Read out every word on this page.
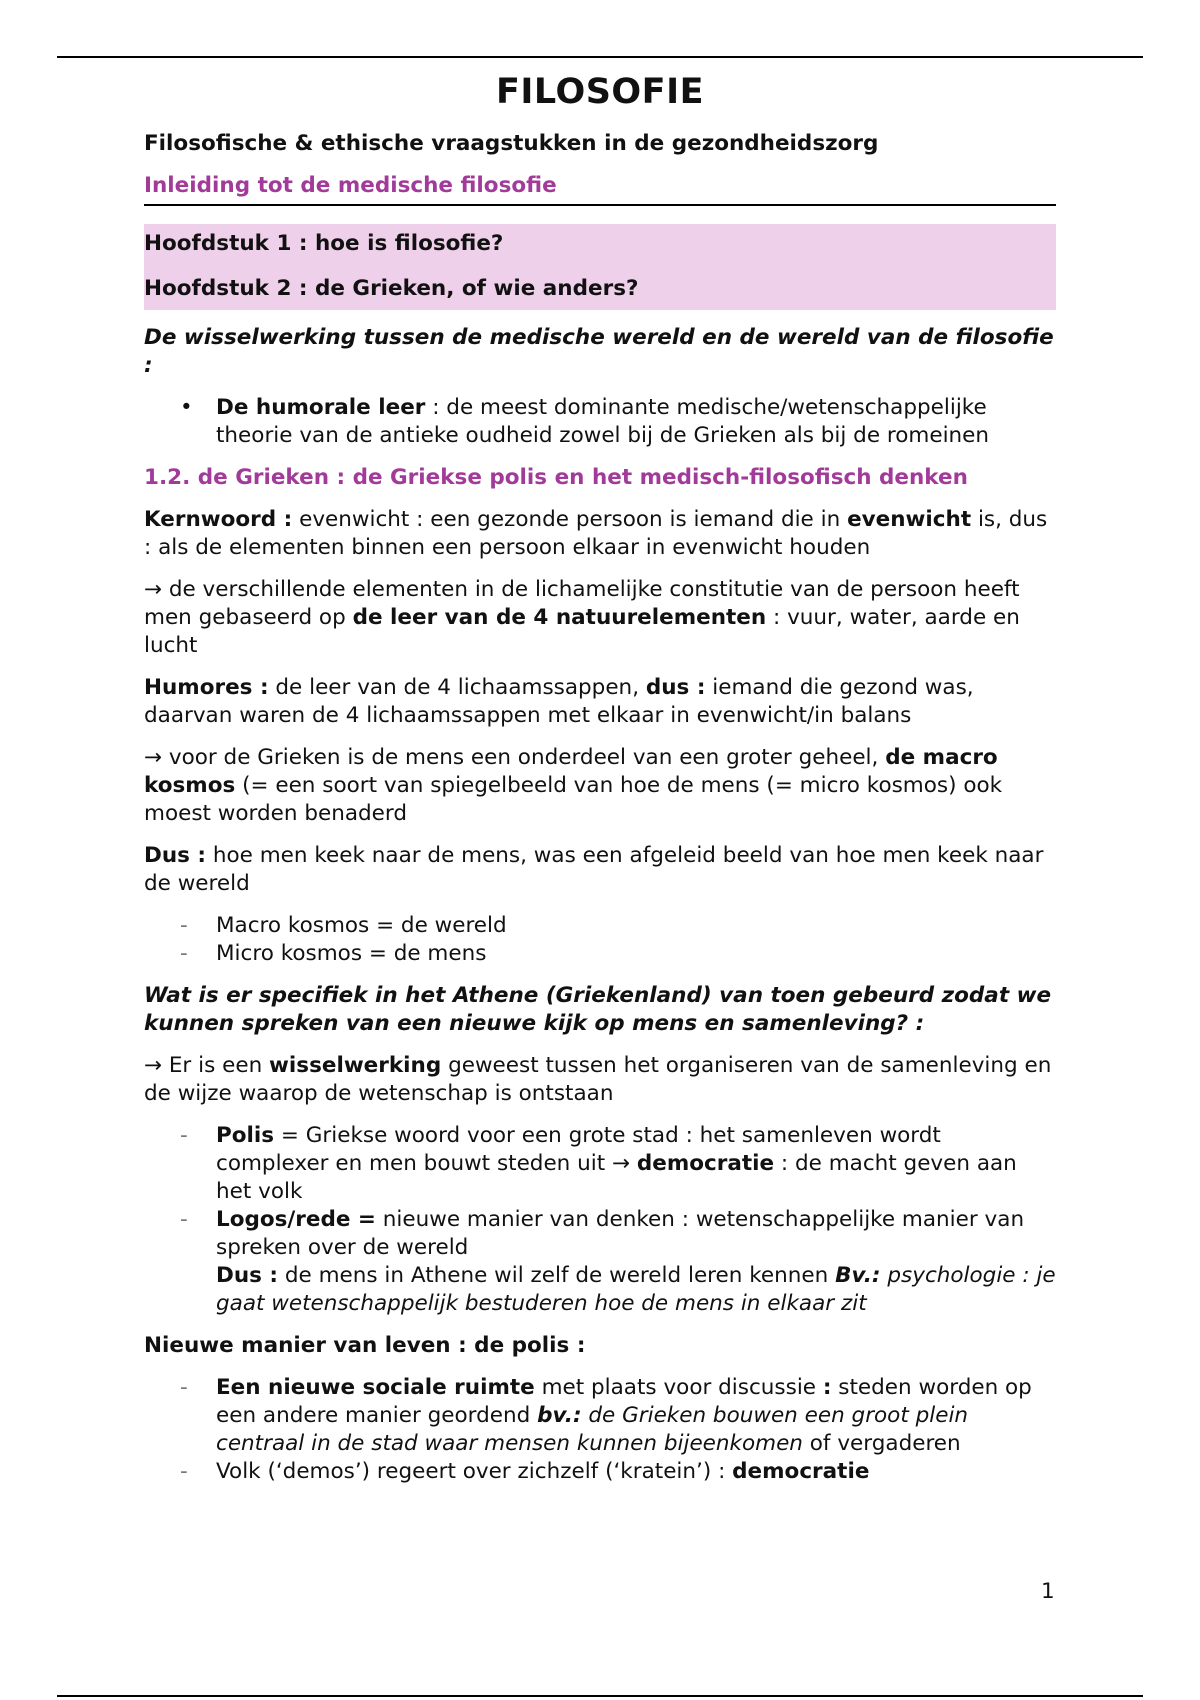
FILOSOFIE

Filosofische & ethische vraagstukken in de gezondheidszorg

Inleiding tot de medische filosofie

Hoofdstuk 1 : hoe is filosofie?

Hoofdstuk 2 : de Grieken, of wie anders?

De wisselwerking tussen de medische wereld en de wereld van de filosofie :

• De humorale leer : de meest dominante medische/wetenschappelijke theorie van de antieke oudheid zowel bij de Grieken als bij de romeinen

1.2. de Grieken : de Griekse polis en het medisch-filosofisch denken

Kernwoord : evenwicht : een gezonde persoon is iemand die in evenwicht is, dus : als de elementen binnen een persoon elkaar in evenwicht houden

→ de verschillende elementen in de lichamelijke constitutie van de persoon heeft men gebaseerd op de leer van de 4 natuurelementen : vuur, water, aarde en lucht

Humores : de leer van de 4 lichaamssappen, dus : iemand die gezond was, daarvan waren de 4 lichaamssappen met elkaar in evenwicht/in balans

→ voor de Grieken is de mens een onderdeel van een groter geheel, de macro kosmos (= een soort van spiegelbeeld van hoe de mens (= micro kosmos) ook moest worden benaderd

Dus : hoe men keek naar de mens, was een afgeleid beeld van hoe men keek naar de wereld

- Macro kosmos = de wereld
- Micro kosmos = de mens

Wat is er specifiek in het Athene (Griekenland) van toen gebeurd zodat we kunnen spreken van een nieuwe kijk op mens en samenleving? :

→ Er is een wisselwerking geweest tussen het organiseren van de samenleving en de wijze waarop de wetenschap is ontstaan

- Polis = Griekse woord voor een grote stad : het samenleven wordt complexer en men bouwt steden uit → democratie : de macht geven aan het volk
- Logos/rede = nieuwe manier van denken : wetenschappelijke manier van spreken over de wereld
Dus : de mens in Athene wil zelf de wereld leren kennen Bv.: psychologie : je gaat wetenschappelijk bestuderen hoe de mens in elkaar zit

Nieuwe manier van leven : de polis :

- Een nieuwe sociale ruimte met plaats voor discussie : steden worden op een andere manier geordend bv.: de Grieken bouwen een groot plein centraal in de stad waar mensen kunnen bijeenkomen of vergaderen
- Volk (‘demos’) regeert over zichzelf (‘kratein’) : democratie
1
